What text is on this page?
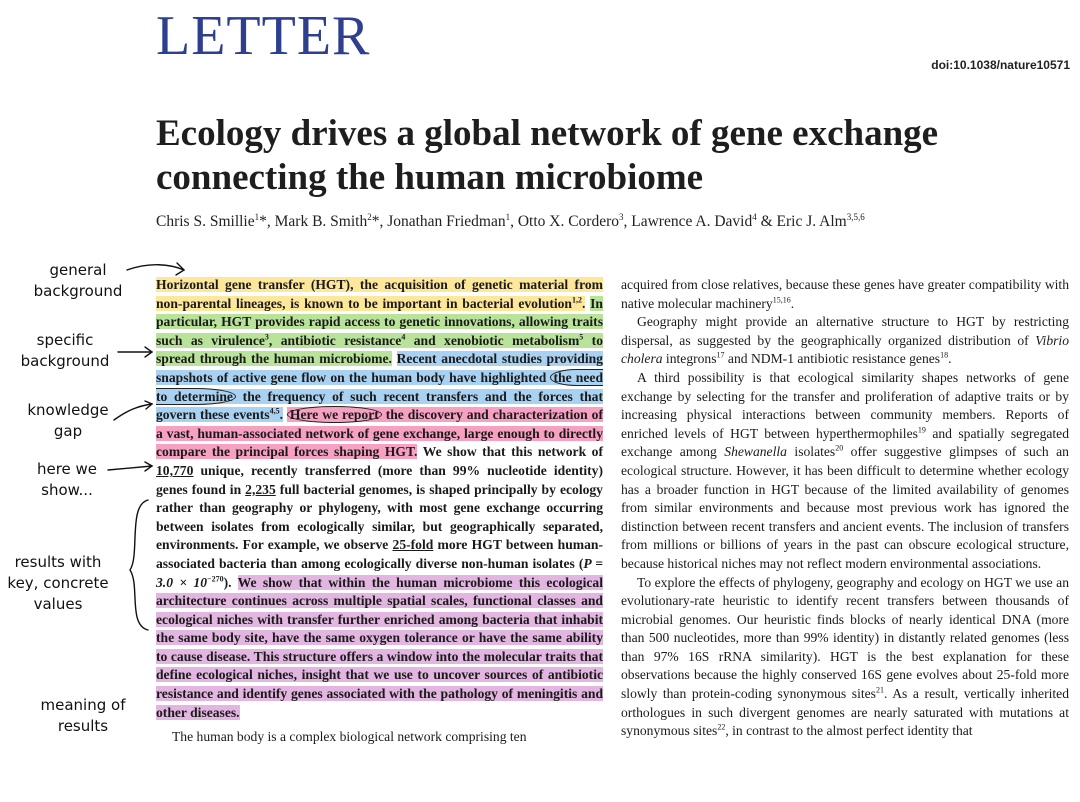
LETTER	doi:10.1038/nature10571
Ecology drives a global network of gene exchange connecting the human microbiome
Chris S. Smillie$^1$*, Mark B. Smith$^2$*, Jonathan Friedman$^1$, Otto X. Cordero$^3$, Lawrence A. David$^4$ & Eric J. Alm$^{3,5,6}$
general
background
specific
background
knowledge
gap
here we
show...
results with
key, concrete
values
meaning of
results
Horizontal gene transfer (HGT), the acquisition of genetic material from non-parental lineages, is known to be important in bacterial evolution$^{1,2}$. In particular, HGT provides rapid access to genetic innovations, allowing traits such as virulence$^3$, antibiotic resistance$^4$ and xenobiotic metabolism$^5$ to spread through the human microbiome. Recent anecdotal studies providing snapshots of active gene flow on the human body have highlighted the need to determine the frequency of such recent transfers and the forces that govern these events$^{4,5}$. Here we report the discovery and characterization of a vast, human-associated network of gene exchange, large enough to directly compare the principal forces shaping HGT. We show that this network of 10,770 unique, recently transferred (more than 99% nucleotide identity) genes found in 2,235 full bacterial genomes, is shaped principally by ecology rather than geography or phylogeny, with most gene exchange occurring between isolates from ecologically similar, but geographically separated, environments. For example, we observe 25-fold more HGT between human-associated bacteria than among ecologically diverse non-human isolates $(P = 3.0 \times 10^{-270})$. We show that within the human microbiome this ecological architecture continues across multiple spatial scales, functional classes and ecological niches with transfer further enriched among bacteria that inhabit the same body site, have the same oxygen tolerance or have the same ability to cause disease. This structure offers a window into the molecular traits that define ecological niches, insight that we use to uncover sources of antibiotic resistance and identify genes associated with the pathology of meningitis and other diseases.
The human body is a complex biological network comprising ten

acquired from close relatives, because these genes have greater compatibility with native molecular machinery$^{15,16}$.

Geography might provide an alternative structure to HGT by restricting dispersal, as suggested by the geographically organized distribution of Vibrio cholera integrons$^{17}$ and NDM-1 antibiotic resistance genes$^{18}$.

A third possibility is that ecological similarity shapes networks of gene exchange by selecting for the transfer and proliferation of adaptive traits or by increasing physical interactions between community members. Reports of enriched levels of HGT between hyperthermophiles$^{19}$ and spatially segregated exchange among Shewanella isolates$^{20}$ offer suggestive glimpses of such an ecological structure. However, it has been difficult to determine whether ecology has a broader function in HGT because of the limited availability of genomes from similar environments and because most previous work has ignored the distinction between recent transfers and ancient events. The inclusion of transfers from millions or billions of years in the past can obscure ecological structure, because historical niches may not reflect modern environmental associations.

To explore the effects of phylogeny, geography and ecology on HGT we use an evolutionary-rate heuristic to identify recent transfers between thousands of microbial genomes. Our heuristic finds blocks of nearly identical DNA (more than 500 nucleotides, more than 99% identity) in distantly related genomes (less than 97% 16S rRNA similarity). HGT is the best explanation for these observations because the highly conserved 16S gene evolves about 25-fold more slowly than protein-coding synonymous sites$^{21}$. As a result, vertically inherited orthologues in such divergent genomes are nearly saturated with mutations at synonymous sites$^{22}$, in contrast to the almost perfect identity that
